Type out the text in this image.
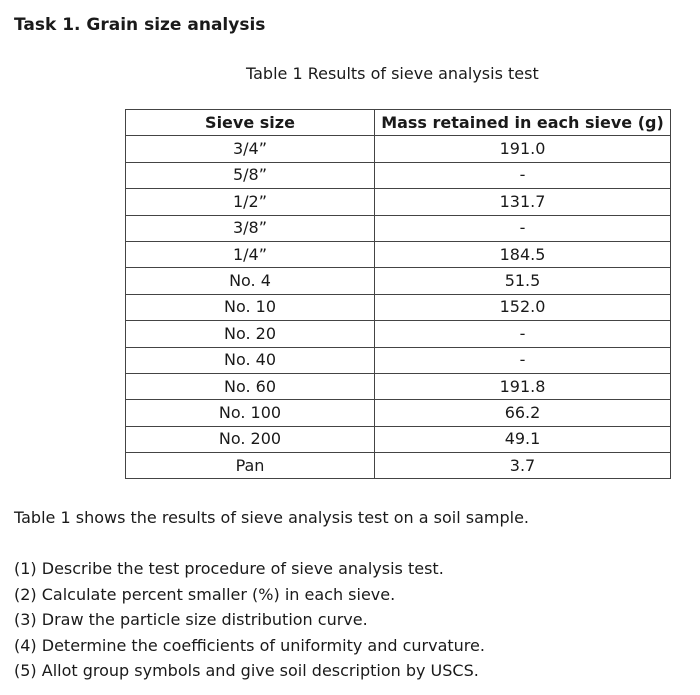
Task 1. Grain size analysis
Table 1 Results of sieve analysis test
Sieve size	Mass retained in each sieve (g)
3/4”	191.0
5/8”	-
1/2”	131.7
3/8”	-
1/4”	184.5
No. 4	51.5
No. 10	152.0
No. 20	-
No. 40	-
No. 60	191.8
No. 100	66.2
No. 200	49.1
Pan	3.7
Table 1 shows the results of sieve analysis test on a soil sample.
(1) Describe the test procedure of sieve analysis test.
(2) Calculate percent smaller (%) in each sieve.
(3) Draw the particle size distribution curve.
(4) Determine the coefficients of uniformity and curvature.
(5) Allot group symbols and give soil description by USCS.
